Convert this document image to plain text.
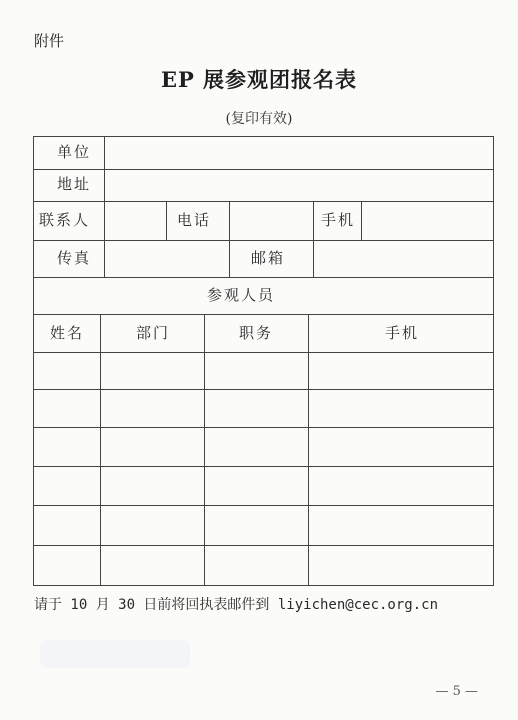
附件
EP 展参观团报名表
(复印有效)
单位
地址
联系人	电话	手机
传真	邮箱
参观人员
姓名	部门	职务	手机
请于 10 月 30 日前将回执表邮件到 liyichen@cec.org.cn
— 5 —
